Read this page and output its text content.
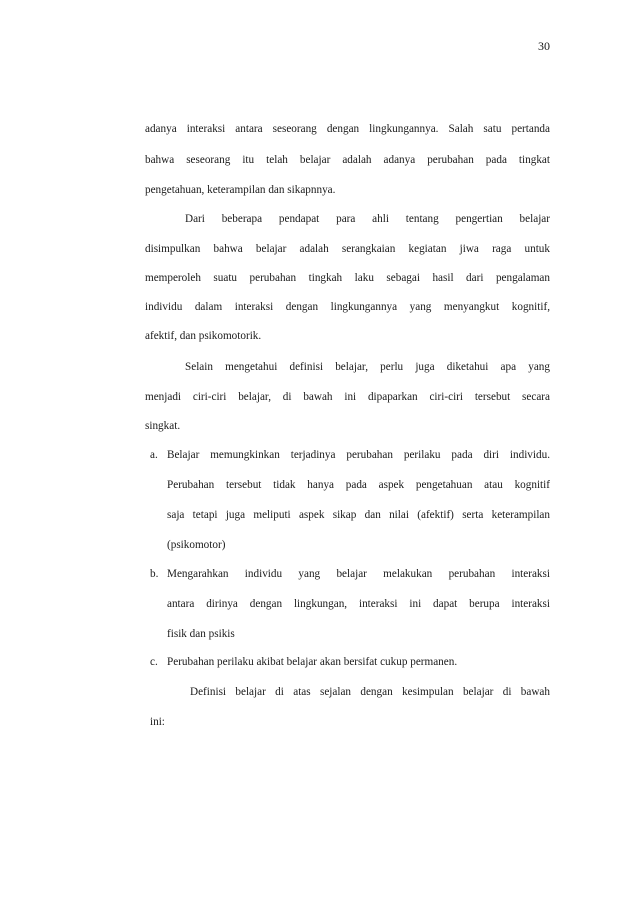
30
adanya interaksi antara seseorang dengan lingkungannya. Salah satu pertanda
bahwa seseorang itu telah belajar adalah adanya perubahan pada tingkat
pengetahuan, keterampilan dan sikapnnya.
Dari beberapa pendapat para ahli tentang pengertian belajar
disimpulkan bahwa belajar adalah serangkaian kegiatan jiwa raga untuk
memperoleh suatu perubahan tingkah laku sebagai hasil dari pengalaman
individu dalam interaksi dengan lingkungannya yang menyangkut kognitif,
afektif, dan psikomotorik.
Selain mengetahui definisi belajar, perlu juga diketahui apa yang
menjadi ciri-ciri belajar, di bawah ini dipaparkan ciri-ciri tersebut secara
singkat.
a. Belajar memungkinkan terjadinya perubahan perilaku pada diri individu.
Perubahan tersebut tidak hanya pada aspek pengetahuan atau kognitif
saja tetapi juga meliputi aspek sikap dan nilai (afektif) serta keterampilan
(psikomotor)
b. Mengarahkan individu yang belajar melakukan perubahan interaksi
antara dirinya dengan lingkungan, interaksi ini dapat berupa interaksi
fisik dan psikis
c. Perubahan perilaku akibat belajar akan bersifat cukup permanen.
Definisi belajar di atas sejalan dengan kesimpulan belajar di bawah
ini:
